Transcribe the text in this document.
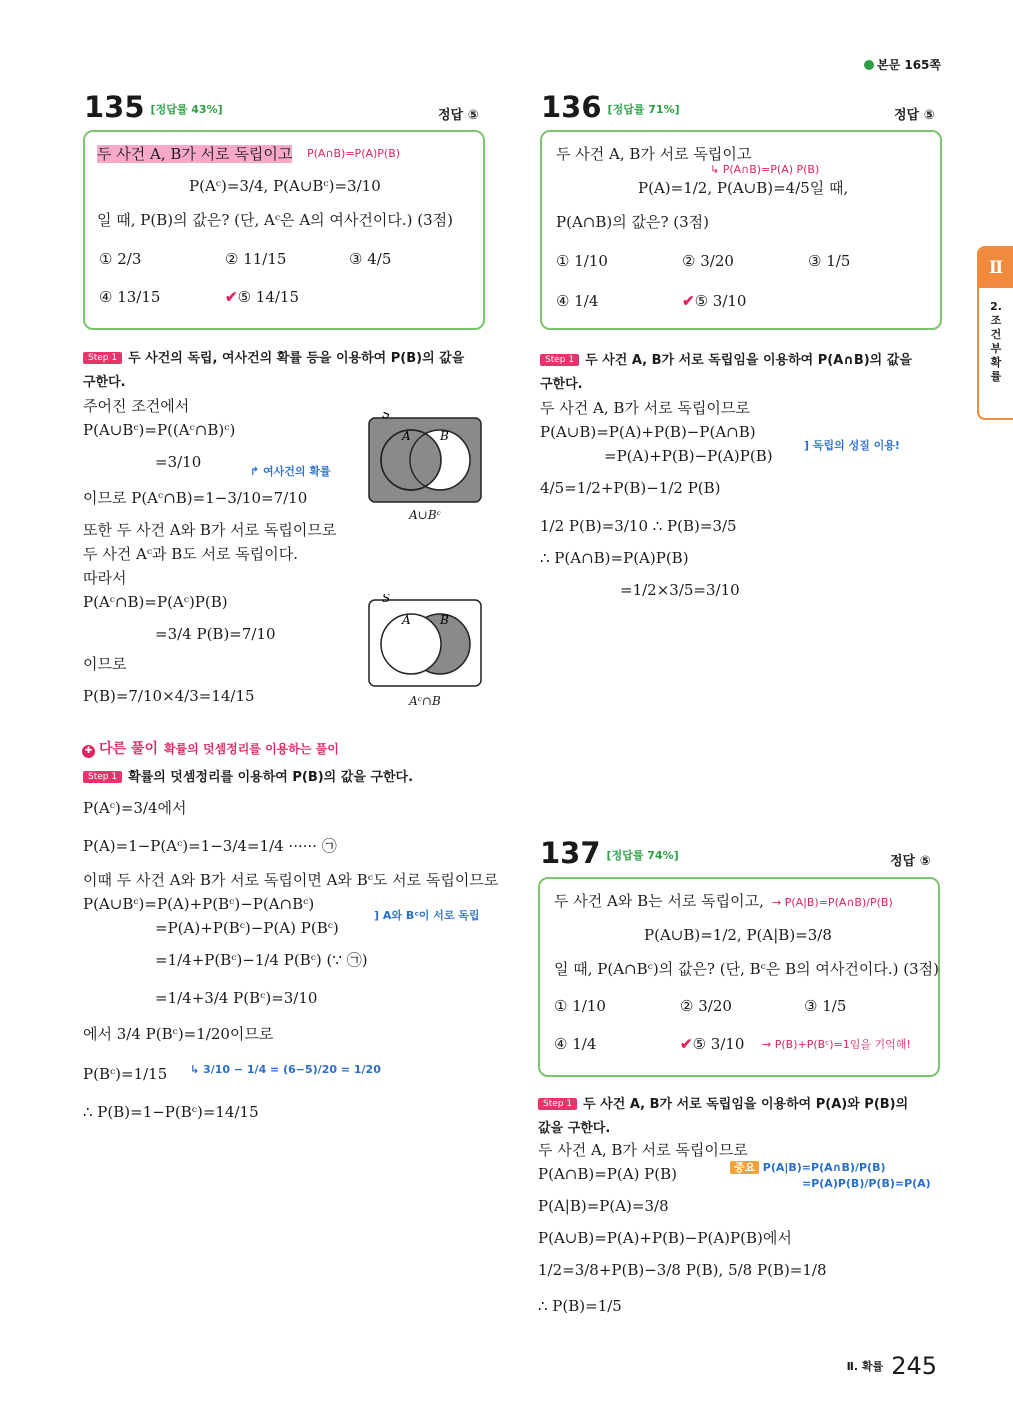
본문 165쪽
Ⅱ
2.조건부확률
135 [정답률 43%]	정답 ⑤
두 사건 A, B가 서로 독립이고 P(A∩B)=P(A)P(B)
P(Aᶜ)=3/4, P(A∪Bᶜ)=3/10
일 때, P(B)의 값은? (단, Aᶜ은 A의 여사건이다.) (3점)
① 2/3	② 11/15	③ 4/5
④ 13/15	✔⑤ 14/15
Step 1 두 사건의 독립, 여사건의 확률 등을 이용하여 P(B)의 값을
구한다.
주어진 조건에서
P(A∪Bᶜ)=P((Aᶜ∩B)ᶜ)
=3/10
↱ 여사건의 확률
이므로 P(Aᶜ∩B)=1−3/10=7/10
또한 두 사건 A와 B가 서로 독립이므로
두 사건 Aᶜ과 B도 서로 독립이다.
따라서
P(Aᶜ∩B)=P(Aᶜ)P(B)
=3/4 P(B)=7/10
이므로
P(B)=7/10×4/3=14/15
S
A B
A∪Bᶜ
S
A B
Aᶜ∩B
✚ 다른 풀이 확률의 덧셈정리를 이용하는 풀이
Step 1 확률의 덧셈정리를 이용하여 P(B)의 값을 구한다.
P(Aᶜ)=3/4에서
P(A)=1−P(Aᶜ)=1−3/4=1/4 ······ ㉠
이때 두 사건 A와 B가 서로 독립이면 A와 Bᶜ도 서로 독립이므로
P(A∪Bᶜ)=P(A)+P(Bᶜ)−P(A∩Bᶜ)
=P(A)+P(Bᶜ)−P(A) P(Bᶜ)
] A와 Bᶜ이 서로 독립
=1/4+P(Bᶜ)−1/4 P(Bᶜ) (∵ ㉠)
=1/4+3/4 P(Bᶜ)=3/10
에서 3/4 P(Bᶜ)=1/20이므로
P(Bᶜ)=1/15 ↳ 3/10 − 1/4 = (6−5)/20 = 1/20
∴ P(B)=1−P(Bᶜ)=14/15
136 [정답률 71%]	정답 ⑤
두 사건 A, B가 서로 독립이고
↳ P(A∩B)=P(A) P(B)
P(A)=1/2, P(A∪B)=4/5일 때,
P(A∩B)의 값은? (3점)
① 1/10	② 3/20	③ 1/5
④ 1/4	✔⑤ 3/10
Step 1 두 사건 A, B가 서로 독립임을 이용하여 P(A∩B)의 값을
구한다.
두 사건 A, B가 서로 독립이므로
P(A∪B)=P(A)+P(B)−P(A∩B)
=P(A)+P(B)−P(A)P(B)
] 독립의 성질 이용!
4/5=1/2+P(B)−1/2 P(B)
1/2 P(B)=3/10 ∴ P(B)=3/5
∴ P(A∩B)=P(A)P(B)
=1/2×3/5=3/10
137 [정답률 74%]	정답 ⑤
두 사건 A와 B는 서로 독립이고, → P(A|B)=P(A∩B)/P(B)
P(A∪B)=1/2, P(A|B)=3/8
일 때, P(A∩Bᶜ)의 값은? (단, Bᶜ은 B의 여사건이다.) (3점)
① 1/10	② 3/20	③ 1/5
④ 1/4	✔⑤ 3/10 → P(B)+P(Bᶜ)=1임을 기억해!
Step 1 두 사건 A, B가 서로 독립임을 이용하여 P(A)와 P(B)의
값을 구한다.
두 사건 A, B가 서로 독립이므로
P(A∩B)=P(A) P(B)
P(A|B)=P(A)=3/8
중요 P(A|B)=P(A∩B)/P(B)
=P(A)P(B)/P(B)=P(A)
P(A∪B)=P(A)+P(B)−P(A)P(B)에서
1/2=3/8+P(B)−3/8 P(B), 5/8 P(B)=1/8
∴ P(B)=1/5
$^{Ⅱ. 확률}$ 245
